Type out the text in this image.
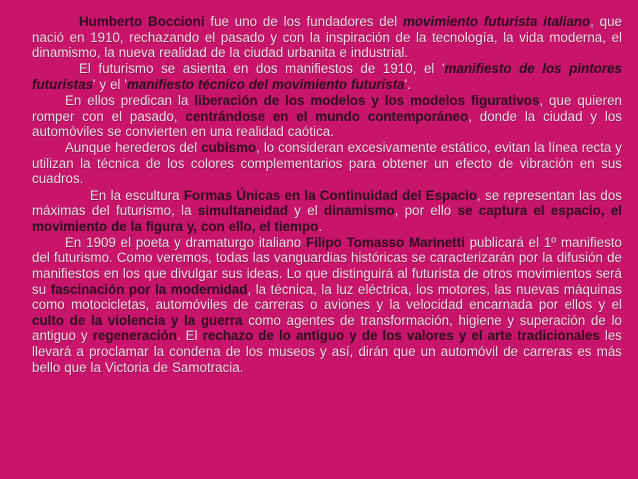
Humberto Boccioni fue uno de los fundadores del movimiento futurista italiano, que nació en 1910, rechazando el pasado y con la inspiración de la tecnología, la vida moderna, el dinamismo, la nueva realidad de la ciudad urbanita e industrial.

El futurismo se asienta en dos manifiestos de 1910, el 'manifiesto de los pintores futuristas' y el 'manifiesto técnico del movimiento futurista'.

En ellos predican la liberación de los modelos y los modelos figurativos, que quieren romper con el pasado, centrándose en el mundo contemporáneo, donde la ciudad y los automóviles se convierten en una realidad caótica.

Aunque herederos del cubismo, lo consideran excesivamente estático, evitan la línea recta y utilizan la técnica de los colores complementarios para obtener un efecto de vibración en sus cuadros.

En la escultura Formas Únicas en la Continuidad del Espacio, se representan las dos máximas del futurismo, la simultaneidad y el dinamismo, por ello se captura el espacio, el movimiento de la figura y, con ello, el tiempo.

En 1909 el poeta y dramaturgo italiano Filipo Tomasso Marinetti publicará el 1º manifiesto del futurismo. Como veremos, todas las vanguardias históricas se caracterizarán por la difusión de manifiestos en los que divulgar sus ideas. Lo que distinguirá al futurista de otros movimientos será su fascinación por la modernidad, la técnica, la luz eléctrica, los motores, las nuevas máquinas como motocicletas, automóviles de carreras o aviones y la velocidad encarnada por ellos y el culto de la violencia y la guerra como agentes de transformación, higiene y superación de lo antiguo y regeneración. El rechazo de lo antiguo y de los valores y el arte tradicionales les llevará a proclamar la condena de los museos y así, dirán que un automóvil de carreras es más bello que la Victoria de Samotracia.
